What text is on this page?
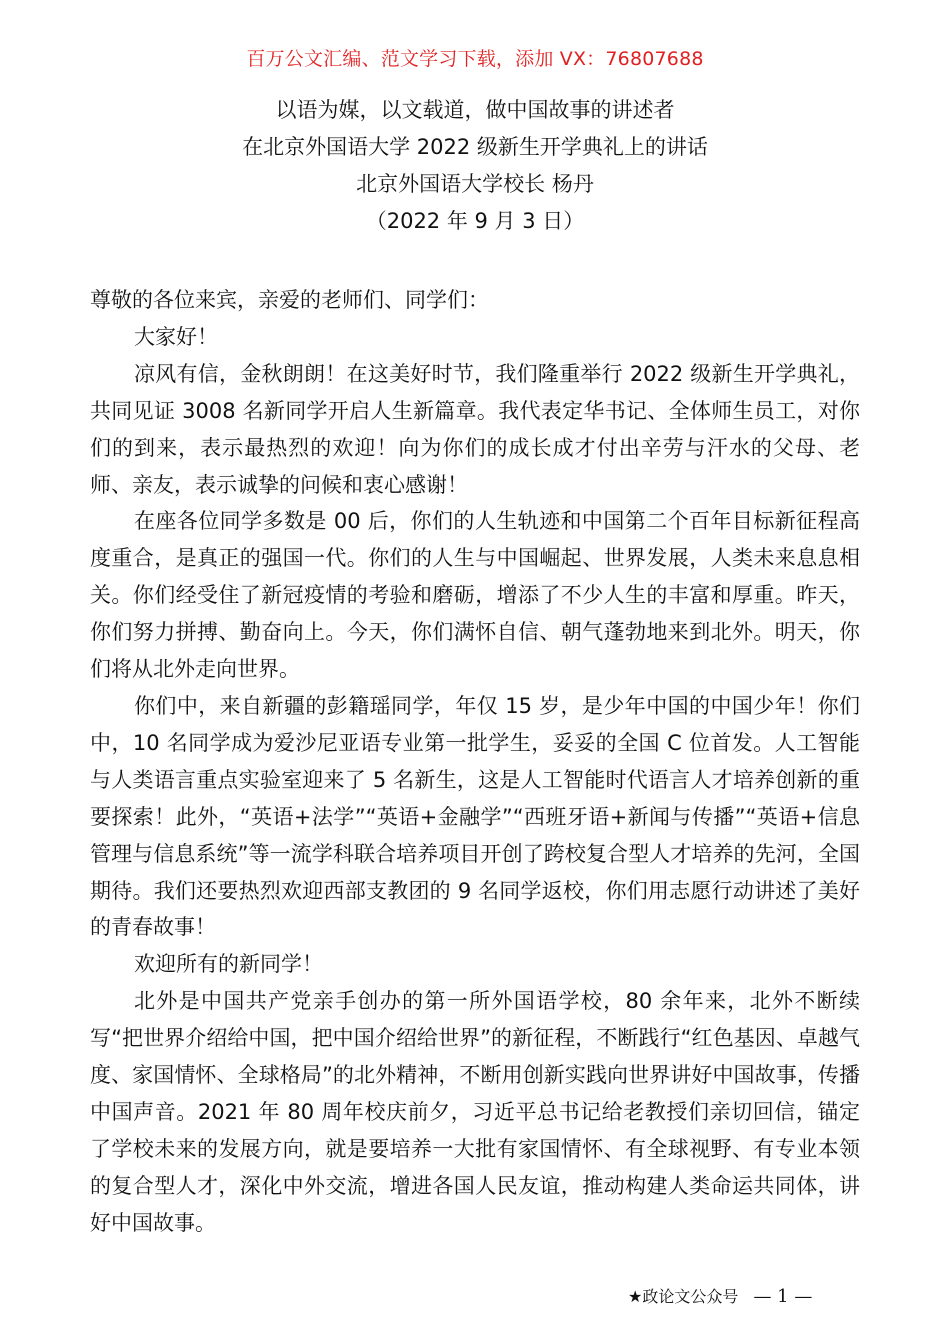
百万公文汇编、范文学习下载，添加 VX：76807688
以语为媒，以文载道，做中国故事的讲述者
在北京外国语大学 2022 级新生开学典礼上的讲话
北京外国语大学校长 杨丹
（2022 年 9 月 3 日）

尊敬的各位来宾，亲爱的老师们、同学们：

大家好！

凉风有信，金秋朗朗！在这美好时节，我们隆重举行 2022 级新生开学典礼，共同见证 3008 名新同学开启人生新篇章。我代表定华书记、全体师生员工，对你们的到来，表示最热烈的欢迎！向为你们的成长成才付出辛劳与汗水的父母、老师、亲友，表示诚挚的问候和衷心感谢！

在座各位同学多数是 00 后，你们的人生轨迹和中国第二个百年目标新征程高度重合，是真正的强国一代。你们的人生与中国崛起、世界发展，人类未来息息相关。你们经受住了新冠疫情的考验和磨砺，增添了不少人生的丰富和厚重。昨天，你们努力拼搏、勤奋向上。今天，你们满怀自信、朝气蓬勃地来到北外。明天，你们将从北外走向世界。

你们中，来自新疆的彭籍瑶同学，年仅 15 岁，是少年中国的中国少年！你们中，10 名同学成为爱沙尼亚语专业第一批学生，妥妥的全国 C 位首发。人工智能与人类语言重点实验室迎来了 5 名新生，这是人工智能时代语言人才培养创新的重要探索！此外，“英语+法学”“英语+金融学”“西班牙语+新闻与传播”“英语+信息管理与信息系统”等一流学科联合培养项目开创了跨校复合型人才培养的先河，全国期待。我们还要热烈欢迎西部支教团的 9 名同学返校，你们用志愿行动讲述了美好的青春故事！

欢迎所有的新同学！

北外是中国共产党亲手创办的第一所外国语学校，80 余年来，北外不断续写“把世界介绍给中国，把中国介绍给世界”的新征程，不断践行“红色基因、卓越气度、家国情怀、全球格局”的北外精神，不断用创新实践向世界讲好中国故事，传播中国声音。2021 年 80 周年校庆前夕，习近平总书记给老教授们亲切回信，锚定了学校未来的发展方向，就是要培养一大批有家国情怀、有全球视野、有专业本领的复合型人才，深化中外交流，增进各国人民友谊，推动构建人类命运共同体，讲好中国故事。

★政论文公众号 — 1 —
